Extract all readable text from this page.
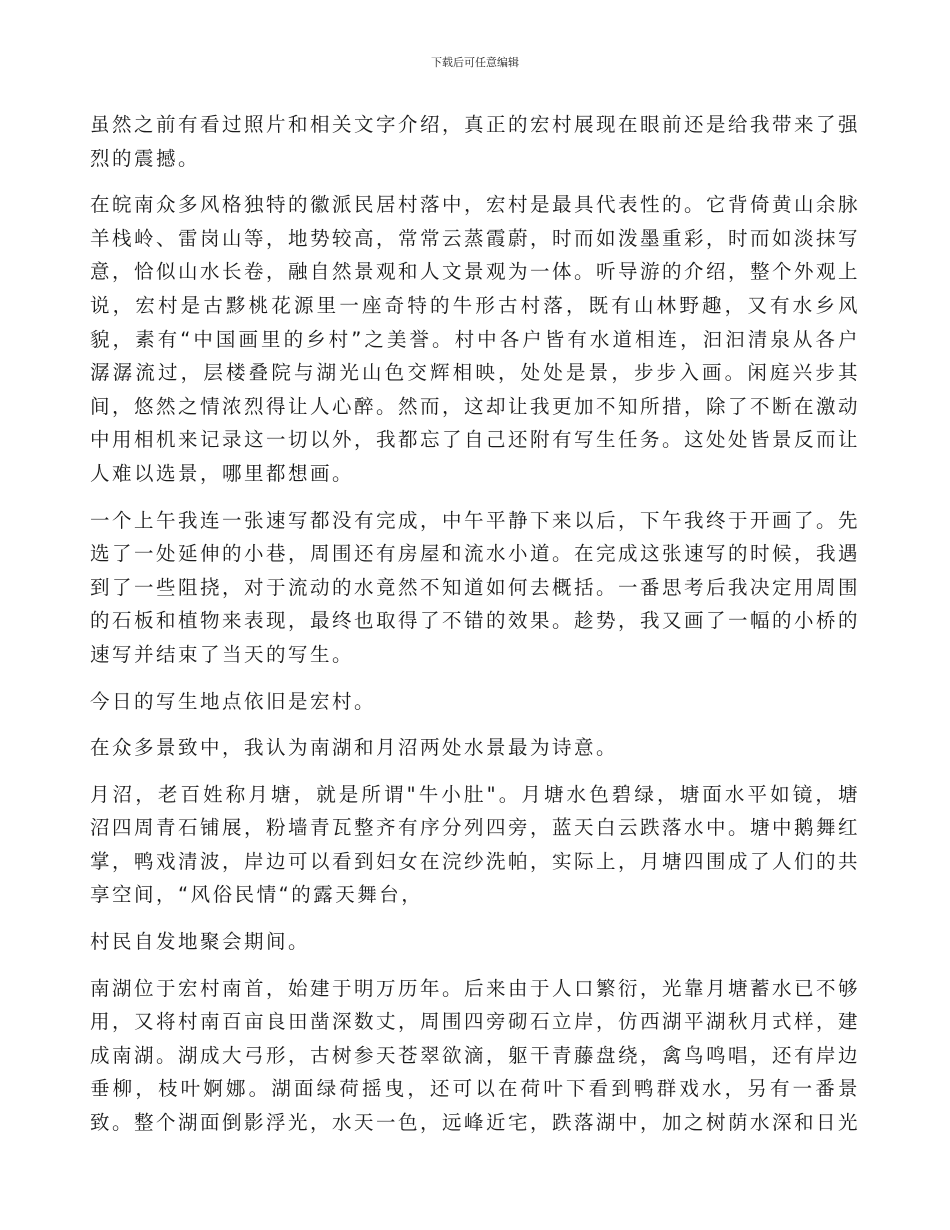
下载后可任意编辑

虽然之前有看过照片和相关文字介绍，真正的宏村展现在眼前还是给我带来了强烈的震撼。

在皖南众多风格独特的徽派民居村落中，宏村是最具代表性的。它背倚黄山余脉羊栈岭、雷岗山等，地势较高，常常云蒸霞蔚，时而如泼墨重彩，时而如淡抹写意，恰似山水长卷，融自然景观和人文景观为一体。听导游的介绍，整个外观上说，宏村是古黟桃花源里一座奇特的牛形古村落，既有山林野趣，又有水乡风貌，素有“中国画里的乡村”之美誉。村中各户皆有水道相连，汩汩清泉从各户潺潺流过，层楼叠院与湖光山色交辉相映，处处是景，步步入画。闲庭兴步其间，悠然之情浓烈得让人心醉。然而，这却让我更加不知所措，除了不断在激动中用相机来记录这一切以外，我都忘了自己还附有写生任务。这处处皆景反而让人难以选景，哪里都想画。

一个上午我连一张速写都没有完成，中午平静下来以后，下午我终于开画了。先选了一处延伸的小巷，周围还有房屋和流水小道。在完成这张速写的时候，我遇到了一些阻挠，对于流动的水竟然不知道如何去概括。一番思考后我决定用周围的石板和植物来表现，最终也取得了不错的效果。趁势，我又画了一幅的小桥的速写并结束了当天的写生。

今日的写生地点依旧是宏村。

在众多景致中，我认为南湖和月沼两处水景最为诗意。

月沼，老百姓称月塘，就是所谓"牛小肚"。月塘水色碧绿，塘面水平如镜，塘沼四周青石铺展，粉墙青瓦整齐有序分列四旁，蓝天白云跌落水中。塘中鹅舞红掌，鸭戏清波，岸边可以看到妇女在浣纱洗帕，实际上，月塘四围成了人们的共享空间，“风俗民情“的露天舞台，

村民自发地聚会期间。

南湖位于宏村南首，始建于明万历年。后来由于人口繁衍，光靠月塘蓄水已不够用，又将村南百亩良田凿深数丈，周围四旁砌石立岸，仿西湖平湖秋月式样，建成南湖。湖成大弓形，古树参天苍翠欲滴，躯干青藤盘绕，禽鸟鸣唱，还有岸边垂柳，枝叶婀娜。湖面绿荷摇曳，还可以在荷叶下看到鸭群戏水，另有一番景致。整个湖面倒影浮光，水天一色，远峰近宅，跌落湖中，加之树荫水深和日光
